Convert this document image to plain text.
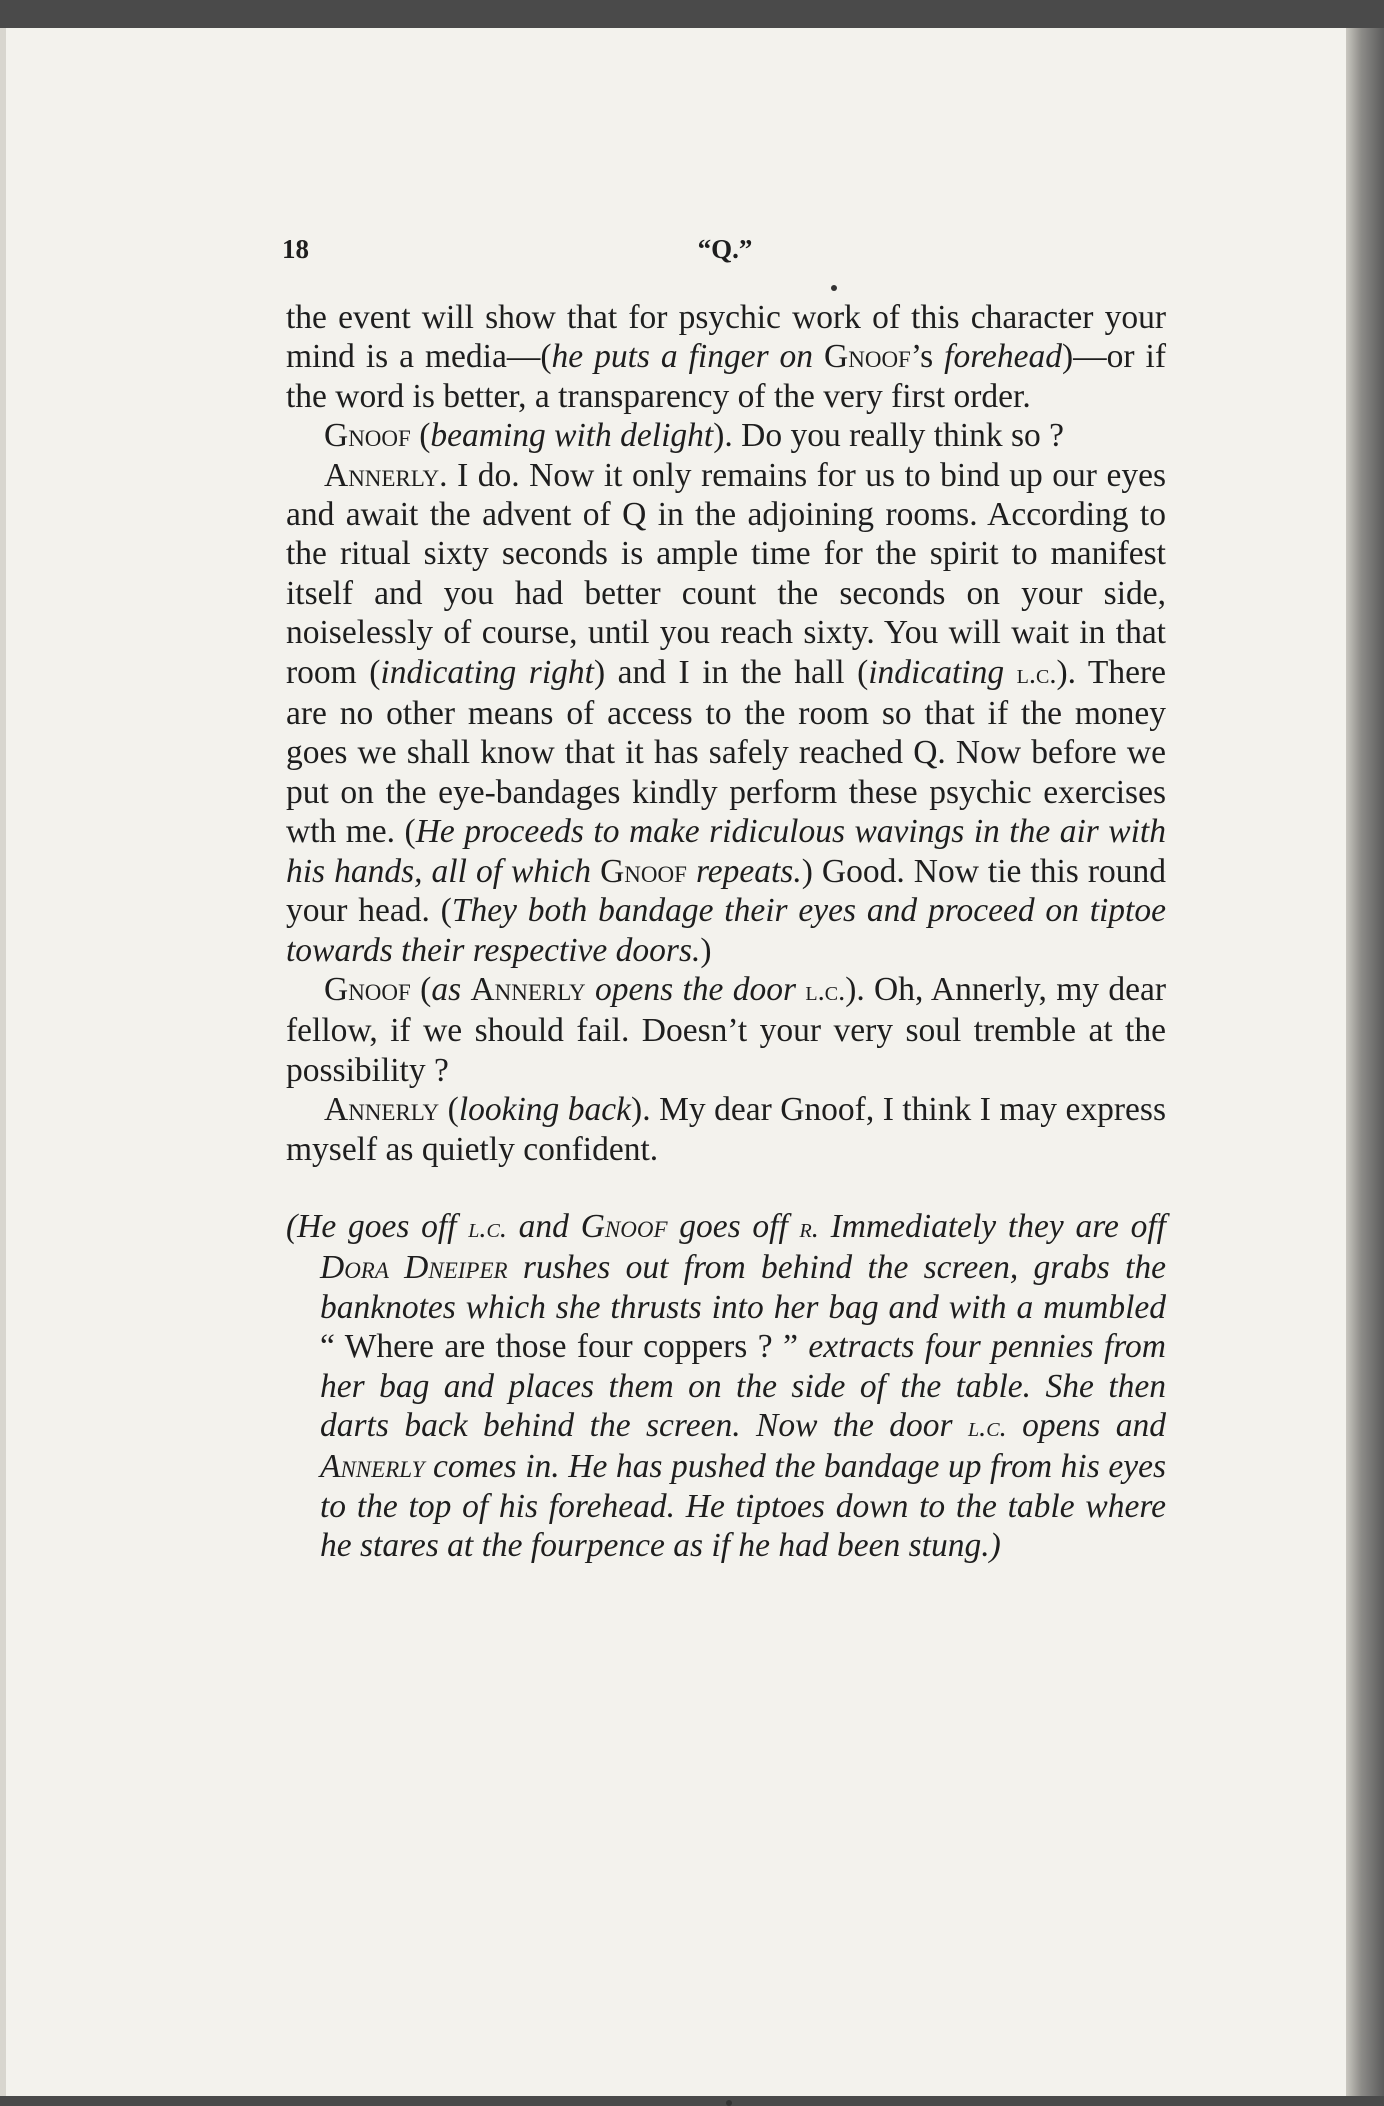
18	“Q.”

the event will show that for psychic work of this character your mind is a media—(he puts a finger on Gnoof’s forehead)—or if the word is better, a transparency of the very first order.

Gnoof (beaming with delight). Do you really think so ?

Annerly. I do. Now it only remains for us to bind up our eyes and await the advent of Q in the adjoining rooms. According to the ritual sixty seconds is ample time for the spirit to manifest itself and you had better count the seconds on your side, noiselessly of course, until you reach sixty. You will wait in that room (indicating right) and I in the hall (indicating l.c.). There are no other means of access to the room so that if the money goes we shall know that it has safely reached Q. Now before we put on the eye-bandages kindly perform these psychic exercises wth me. (He proceeds to make ridiculous wavings in the air with his hands, all of which Gnoof repeats.) Good. Now tie this round your head. (They both bandage their eyes and proceed on tiptoe towards their respective doors.)

Gnoof (as Annerly opens the door l.c.). Oh, Annerly, my dear fellow, if we should fail. Doesn’t your very soul tremble at the possibility ?

Annerly (looking back). My dear Gnoof, I think I may express myself as quietly confident.

(He goes off l.c. and Gnoof goes off r. Immediately they are off Dora Dneiper rushes out from behind the screen, grabs the banknotes which she thrusts into her bag and with a mumbled “ Where are those four coppers ? ” extracts four pennies from her bag and places them on the side of the table. She then darts back behind the screen. Now the door l.c. opens and Annerly comes in. He has pushed the bandage up from his eyes to the top of his forehead. He tiptoes down to the table where he stares at the fourpence as if he had been stung.)
